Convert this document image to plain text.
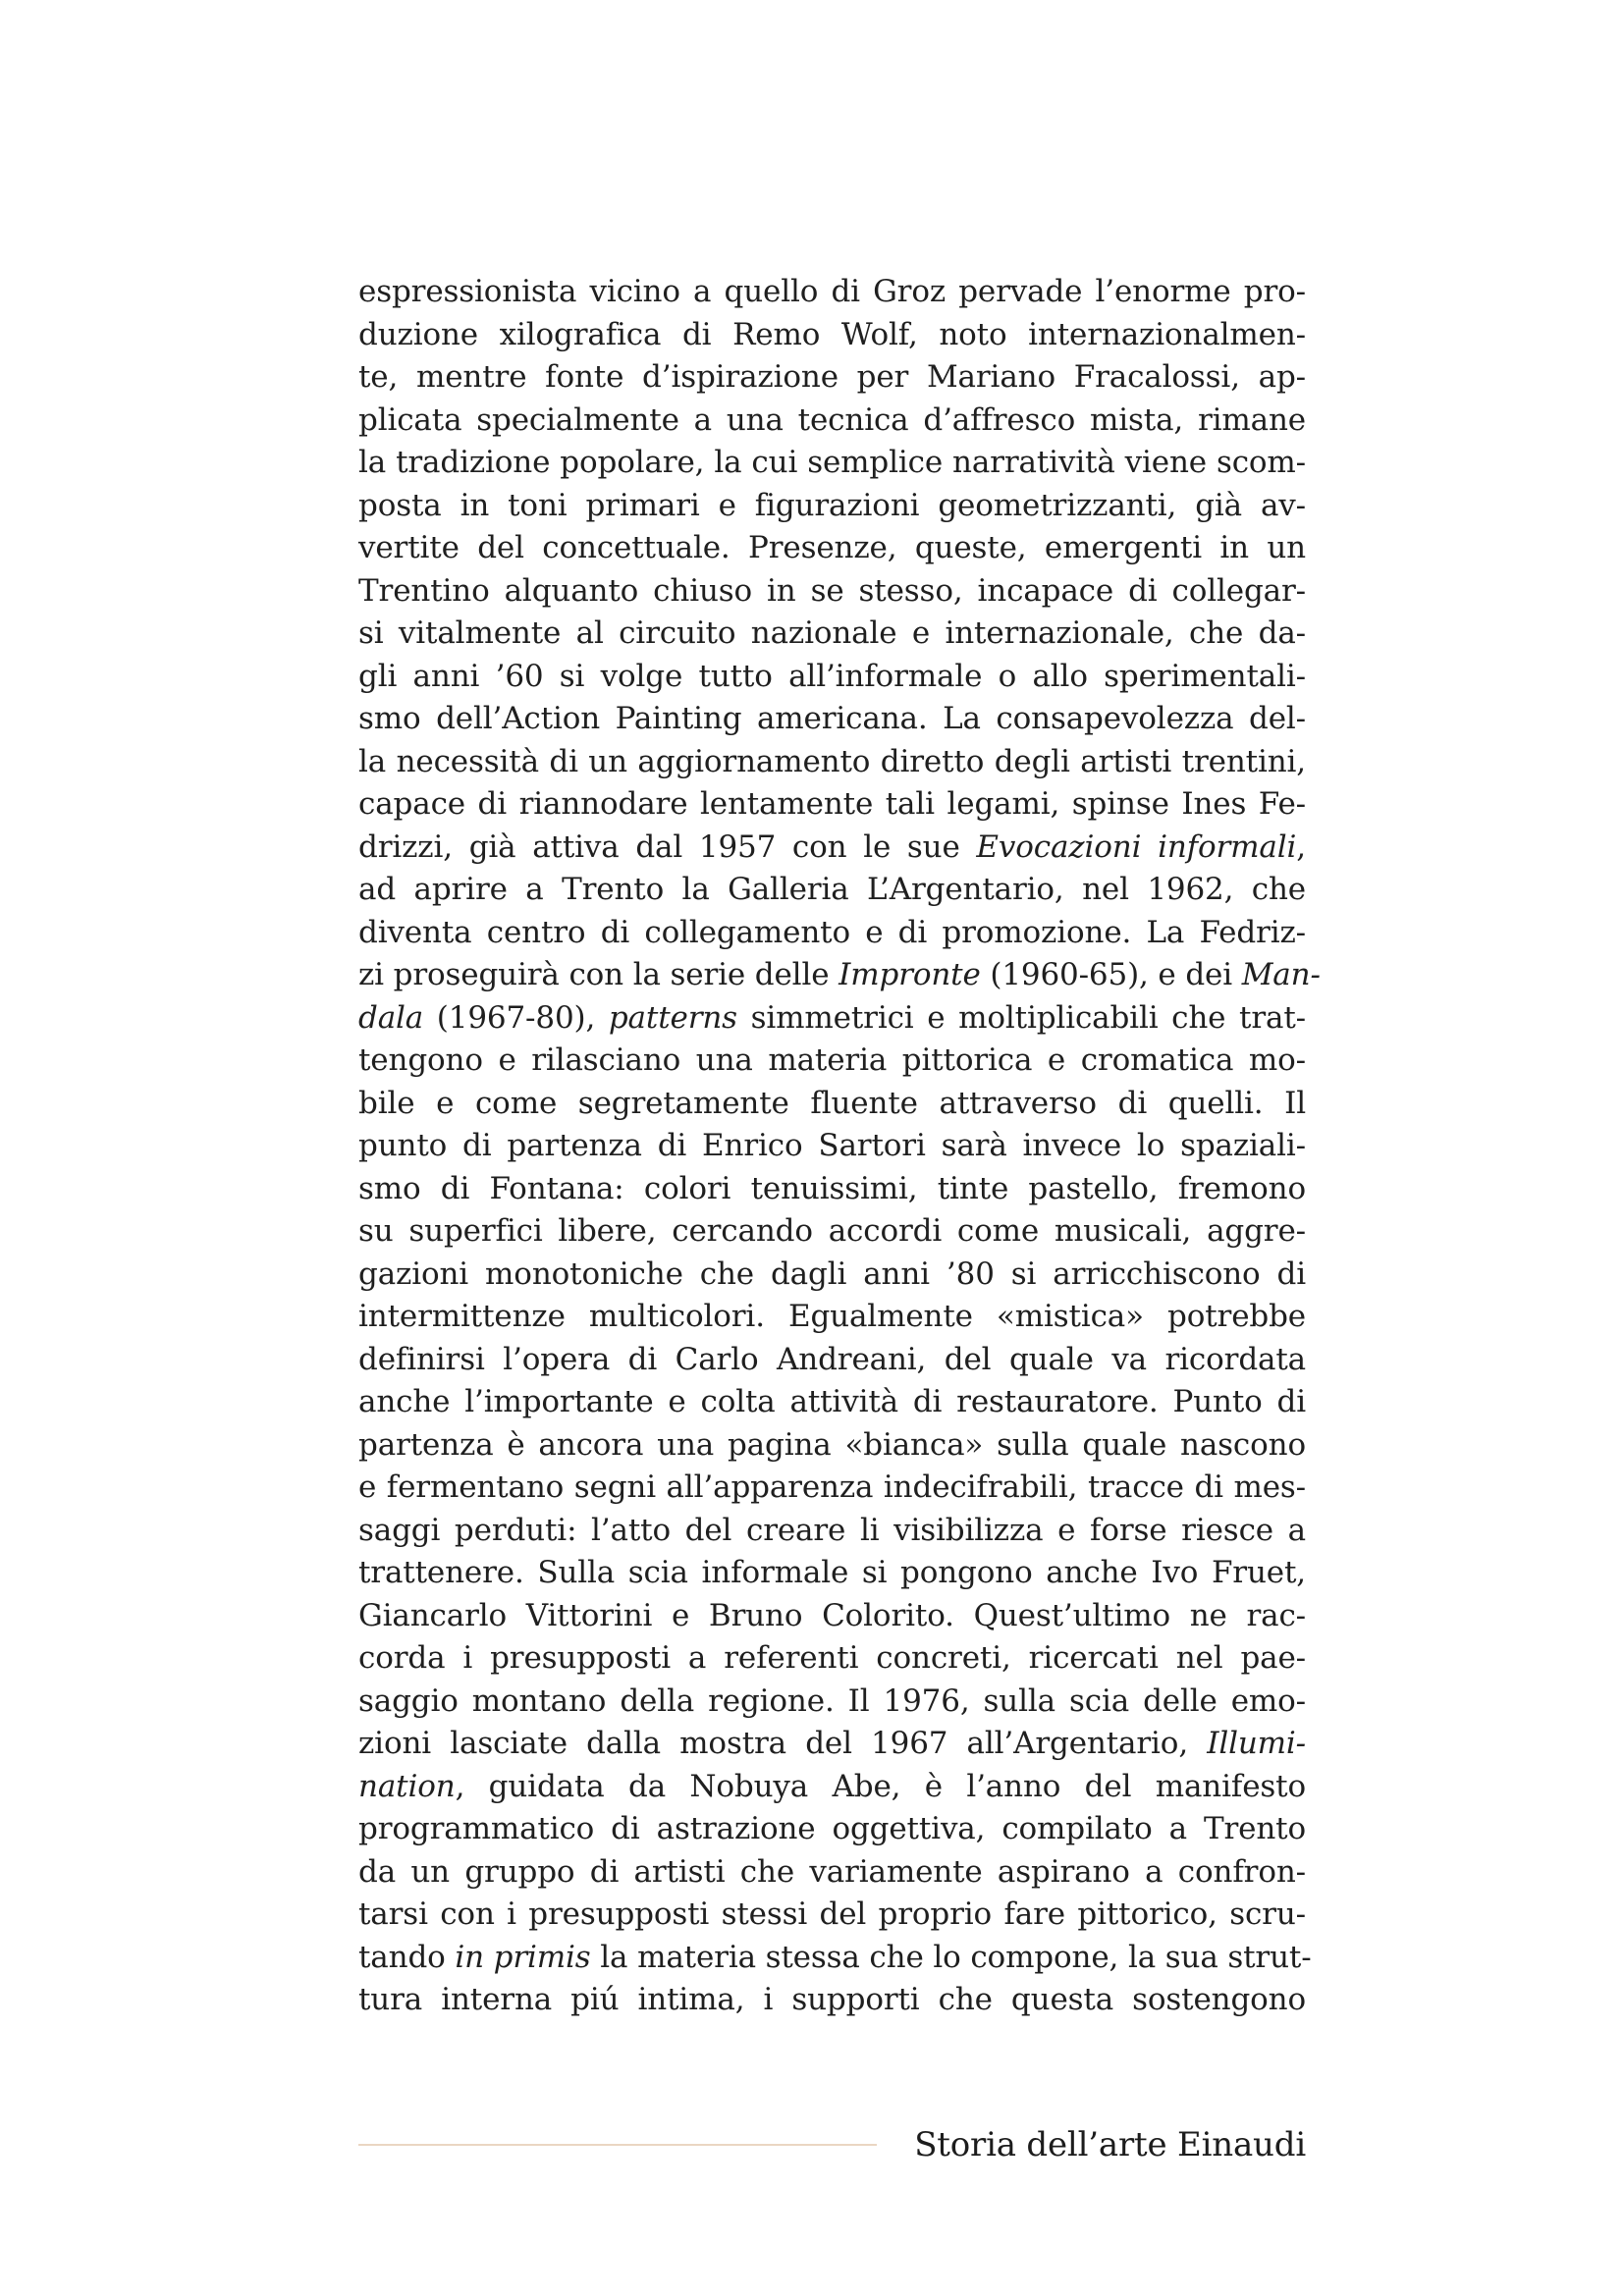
espressionista vicino a quello di Groz pervade l’enorme pro-
duzione xilografica di Remo Wolf, noto internazionalmen-
te, mentre fonte d’ispirazione per Mariano Fracalossi, ap-
plicata specialmente a una tecnica d’affresco mista, rimane
la tradizione popolare, la cui semplice narratività viene scom-
posta in toni primari e figurazioni geometrizzanti, già av-
vertite del concettuale. Presenze, queste, emergenti in un
Trentino alquanto chiuso in se stesso, incapace di collegar-
si vitalmente al circuito nazionale e internazionale, che da-
gli anni ’60 si volge tutto all’informale o allo sperimentali-
smo dell’Action Painting americana. La consapevolezza del-
la necessità di un aggiornamento diretto degli artisti trentini,
capace di riannodare lentamente tali legami, spinse Ines Fe-
drizzi, già attiva dal 1957 con le sue Evocazioni informali,
ad aprire a Trento la Galleria L’Argentario, nel 1962, che
diventa centro di collegamento e di promozione. La Fedriz-
zi proseguirà con la serie delle Impronte (1960-65), e dei Man-
dala (1967-80), patterns simmetrici e moltiplicabili che trat-
tengono e rilasciano una materia pittorica e cromatica mo-
bile e come segretamente fluente attraverso di quelli. Il
punto di partenza di Enrico Sartori sarà invece lo spaziali-
smo di Fontana: colori tenuissimi, tinte pastello, fremono
su superfici libere, cercando accordi come musicali, aggre-
gazioni monotoniche che dagli anni ’80 si arricchiscono di
intermittenze multicolori. Egualmente «mistica» potrebbe
definirsi l’opera di Carlo Andreani, del quale va ricordata
anche l’importante e colta attività di restauratore. Punto di
partenza è ancora una pagina «bianca» sulla quale nascono
e fermentano segni all’apparenza indecifrabili, tracce di mes-
saggi perduti: l’atto del creare li visibilizza e forse riesce a
trattenere. Sulla scia informale si pongono anche Ivo Fruet,
Giancarlo Vittorini e Bruno Colorito. Quest’ultimo ne rac-
corda i presupposti a referenti concreti, ricercati nel pae-
saggio montano della regione. Il 1976, sulla scia delle emo-
zioni lasciate dalla mostra del 1967 all’Argentario, Illumi-
nation, guidata da Nobuya Abe, è l’anno del manifesto
programmatico di astrazione oggettiva, compilato a Trento
da un gruppo di artisti che variamente aspirano a confron-
tarsi con i presupposti stessi del proprio fare pittorico, scru-
tando in primis la materia stessa che lo compone, la sua strut-
tura interna piú intima, i supporti che questa sostengono
Storia dell’arte Einaudi
